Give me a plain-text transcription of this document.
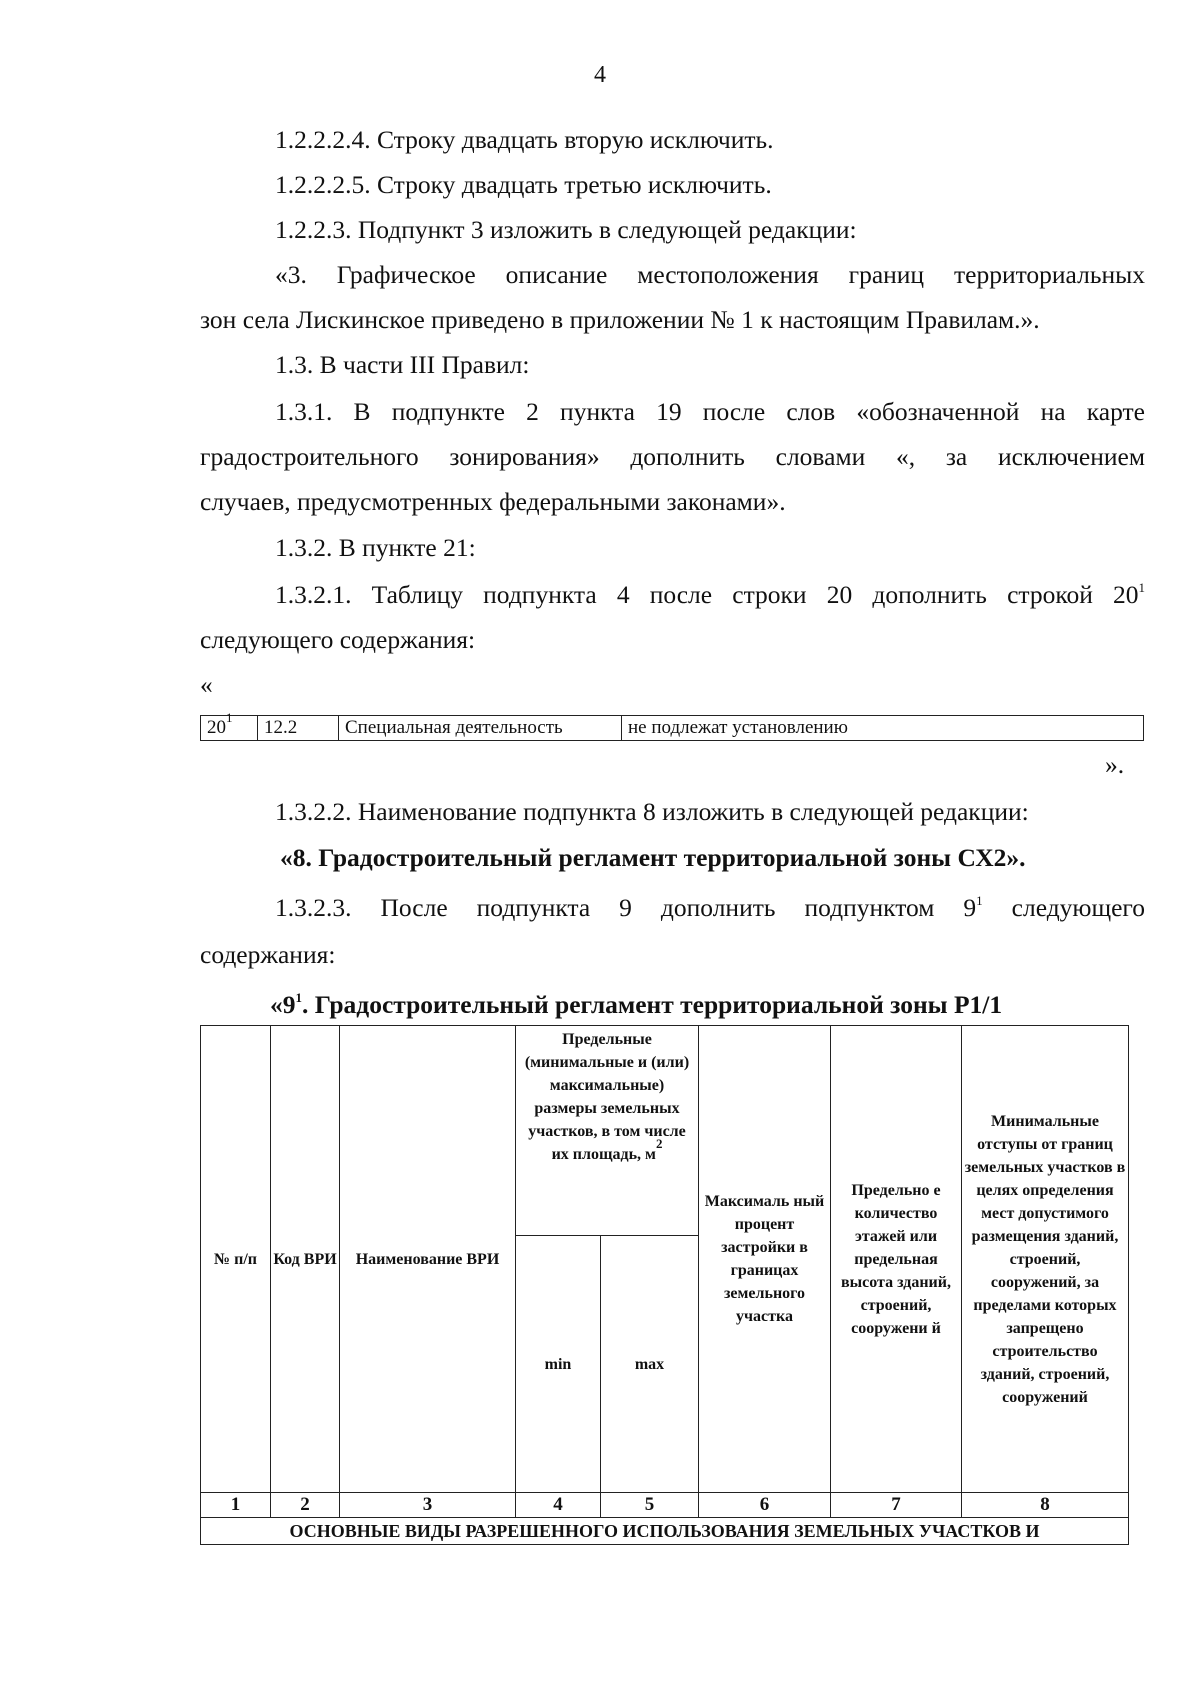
4
1.2.2.2.4. Строку двадцать вторую исключить.
1.2.2.2.5. Строку двадцать третью исключить.
1.2.2.3. Подпункт 3 изложить в следующей редакции:
«3. Графическое описание местоположения границ территориальных
зон села Лискинское приведено в приложении № 1 к настоящим Правилам.».
1.3. В части III Правил:
1.3.1. В подпункте 2 пункта 19 после слов «обозначенной на карте
градостроительного зонирования» дополнить словами «, за исключением
случаев, предусмотренных федеральными законами».
1.3.2. В пункте 21:
1.3.2.1. Таблицу подпункта 4 после строки 20 дополнить строкой $20^1$
следующего содержания:
«
$20^1$	12.2	Специальная деятельность	не подлежат установлению
».
1.3.2.2. Наименование подпункта 8 изложить в следующей редакции:
«8. Градостроительный регламент территориальной зоны СХ2».
1.3.2.3. После подпункта 9 дополнить подпунктом $9^1$ следующего
содержания:
«$9^1$. Градостроительный регламент территориальной зоны Р1/1
№ п/п	Код ВРИ	Наименование ВРИ	Предельные (минимальные и (или) максимальные) размеры земельных участков, в том числе их площадь, $м^2$		Максималь ный процент застройки в границах земельного участка	Предельно е количество этажей или предельная высота зданий, строений, сооружени й	Минимальные отступы от границ земельных участков в целях определения мест допустимого размещения зданий, строений, сооружений, за пределами которых запрещено строительство зданий, строений, сооружений
			min	max			
1	2	3	4	5	6	7	8
ОСНОВНЫЕ ВИДЫ РАЗРЕШЕННОГО ИСПОЛЬЗОВАНИЯ ЗЕМЕЛЬНЫХ УЧАСТКОВ И							
